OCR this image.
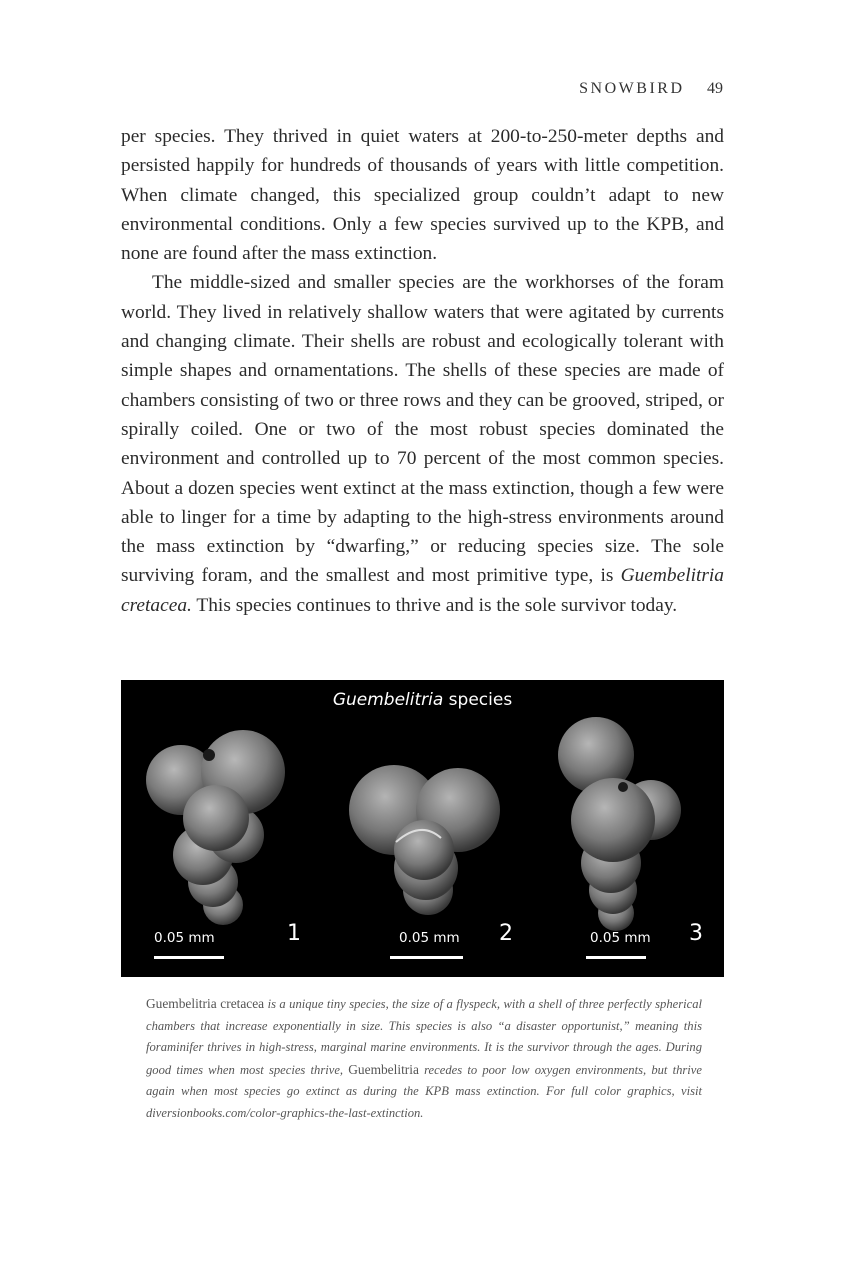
SNOWBIRD 49

per species. They thrived in quiet waters at 200-to-250-meter depths and persisted happily for hundreds of thousands of years with little competition. When climate changed, this specialized group couldn’t adapt to new environmental conditions. Only a few species survived up to the KPB, and none are found after the mass extinction.

The middle-sized and smaller species are the workhorses of the foram world. They lived in relatively shallow waters that were agitated by currents and changing climate. Their shells are robust and ecologically tolerant with simple shapes and ornamentations. The shells of these species are made of chambers consisting of two or three rows and they can be grooved, striped, or spirally coiled. One or two of the most robust species dominated the environment and controlled up to 70 percent of the most common species. About a dozen species went extinct at the mass extinction, though a few were able to linger for a time by adapting to the high-stress environments around the mass extinction by “dwarfing,” or reducing species size. The sole surviving foram, and the smallest and most primitive type, is Guembelitria cretacea. This species continues to thrive and is the sole survivor today.

Guembelitria species
0.05 mm	1	0.05 mm 2	0.05 mm 3
Guembelitria cretacea is a unique tiny species, the size of a flyspeck, with a shell of three perfectly spherical chambers that increase exponentially in size. This species is also “a disaster opportunist,” meaning this foraminifer thrives in high-stress, marginal marine environments. It is the survivor through the ages. During good times when most species thrive, Guembelitria recedes to poor low oxygen environments, but thrive again when most species go extinct as during the KPB mass extinction. For full color graphics, visit diversionbooks.com/color-graphics-the-last-extinction.
